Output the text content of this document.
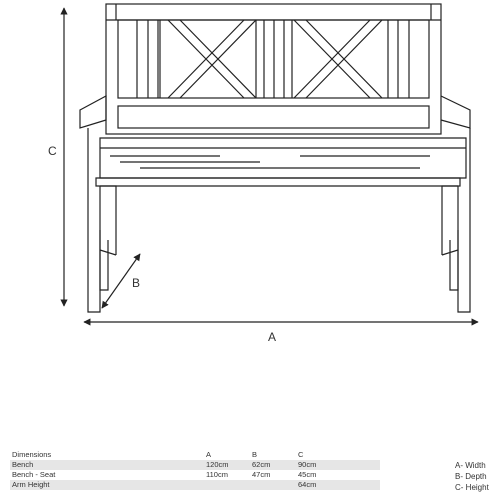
C
A
B
Dimensions	A	B	C
Bench	120cm	62cm	90cm
Bench - Seat	110cm	47cm	45cm
Arm Height			64cm
A- Width
B- Depth
C- Height
